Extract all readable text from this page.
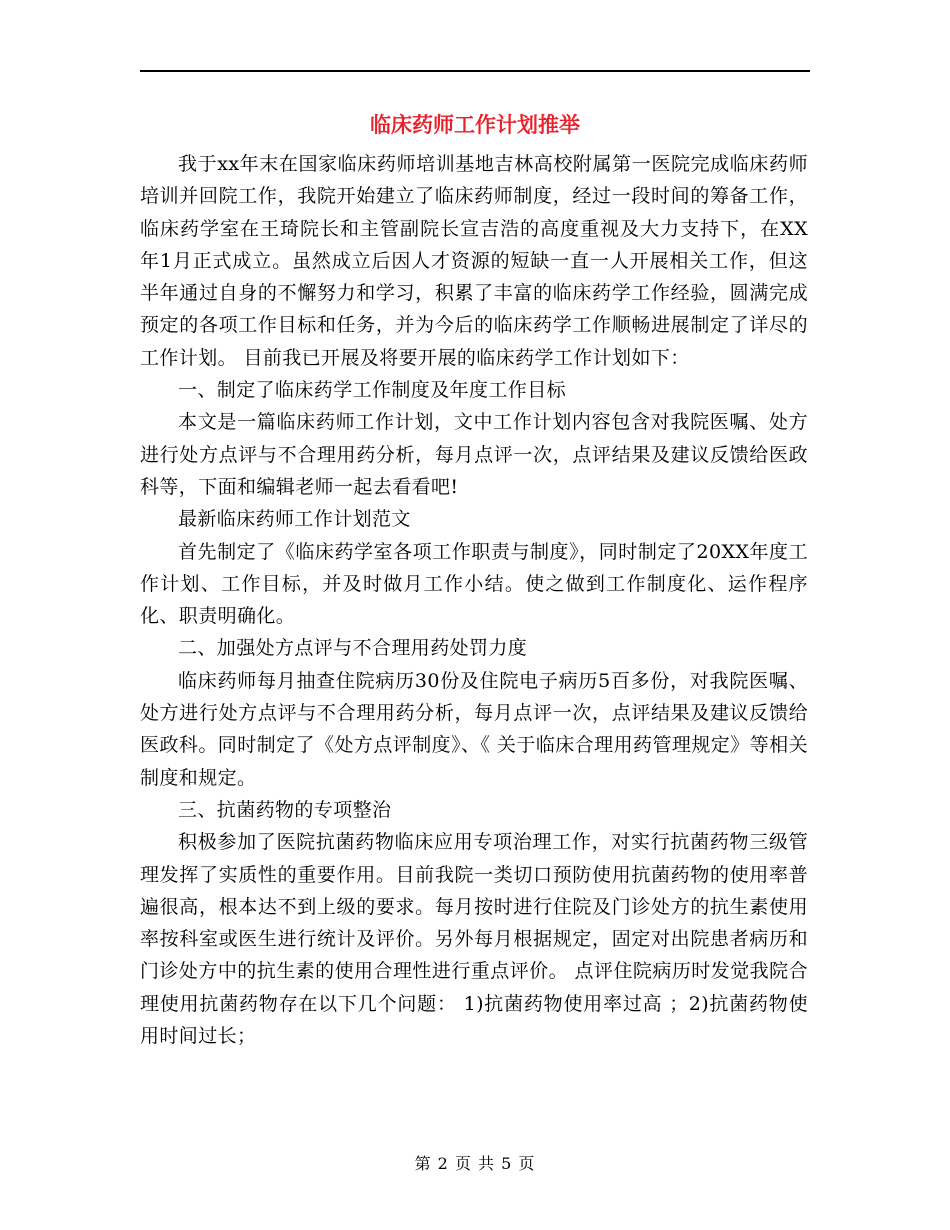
临床药师工作计划推举

我于xx年末在国家临床药师培训基地吉林高校附属第一医院完成临床药师培训并回院工作，我院开始建立了临床药师制度，经过一段时间的筹备工作，临床药学室在王琦院长和主管副院长宣吉浩的高度重视及大力支持下，在XX年1月正式成立。虽然成立后因人才资源的短缺一直一人开展相关工作，但这半年通过自身的不懈努力和学习，积累了丰富的临床药学工作经验，圆满完成预定的各项工作目标和任务，并为今后的临床药学工作顺畅进展制定了详尽的工作计划。 目前我已开展及将要开展的临床药学工作计划如下：

一、制定了临床药学工作制度及年度工作目标

本文是一篇临床药师工作计划，文中工作计划内容包含对我院医嘱、处方进行处方点评与不合理用药分析，每月点评一次，点评结果及建议反馈给医政科等，下面和编辑老师一起去看看吧!

最新临床药师工作计划范文

首先制定了《临床药学室各项工作职责与制度》，同时制定了20XX年度工作计划、工作目标，并及时做月工作小结。使之做到工作制度化、运作程序化、职责明确化。

二、加强处方点评与不合理用药处罚力度

临床药师每月抽查住院病历30份及住院电子病历5百多份，对我院医嘱、处方进行处方点评与不合理用药分析，每月点评一次，点评结果及建议反馈给医政科。同时制定了《处方点评制度》、《 关于临床合理用药管理规定》等相关制度和规定。

三、抗菌药物的专项整治

积极参加了医院抗菌药物临床应用专项治理工作，对实行抗菌药物三级管理发挥了实质性的重要作用。目前我院一类切口预防使用抗菌药物的使用率普遍很高，根本达不到上级的要求。每月按时进行住院及门诊处方的抗生素使用率按科室或医生进行统计及评价。另外每月根据规定，固定对出院患者病历和门诊处方中的抗生素的使用合理性进行重点评价。 点评住院病历时发觉我院合理使用抗菌药物存在以下几个问题： 1)抗菌药物使用率过高 ；2)抗菌药物使用时间过长；

第 2 页 共 5 页
